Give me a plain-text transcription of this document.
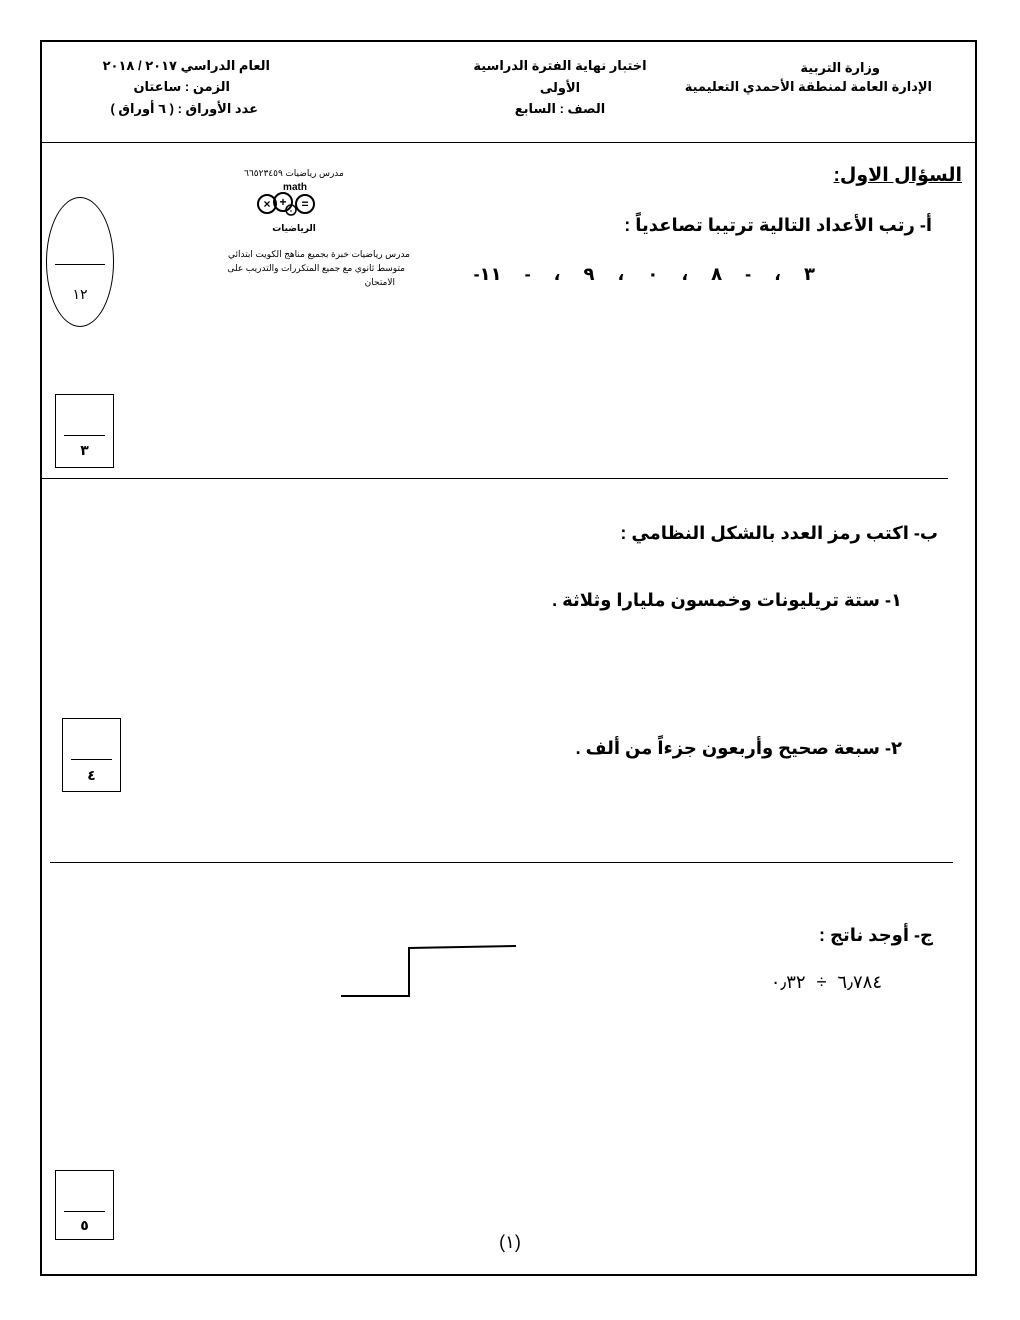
وزارة التربية
الإدارة العامة لمنطقة الأحمدي التعليمية
اختبار نهاية الفترة الدراسية
الأولى
الصف : السابع
العام الدراسي ٢٠١٧ / ٢٠١٨
الزمن : ساعتان
عدد الأوراق : ( ٦ أوراق )
مدرس رياضيات ٦٦٥٢٣٤٥٩
math
× +
- =
الرياضيات
مدرس رياضيات خبرة بجميع مناهج الكويت ابتدائي
متوسط ثانوي مع جميع المتكررات والتدريب على
الامتحان
١٢
السؤال الاول:
أ- رتب الأعداد التالية ترتيبا تصاعدياً :
-٣ ، - ٨ ، ٠ ، ٩ ، - ١١
٣
ب- اكتب رمز العدد بالشكل النظامي :
١- ستة تريليونات وخمسون مليارا وثلاثة .
٢- سبعة صحيح وأربعون جزءاً من ألف .
٤
ج- أوجد ناتج :
٦٫٧٨٤ ÷ ٠٫٣٢
٥
(١)
